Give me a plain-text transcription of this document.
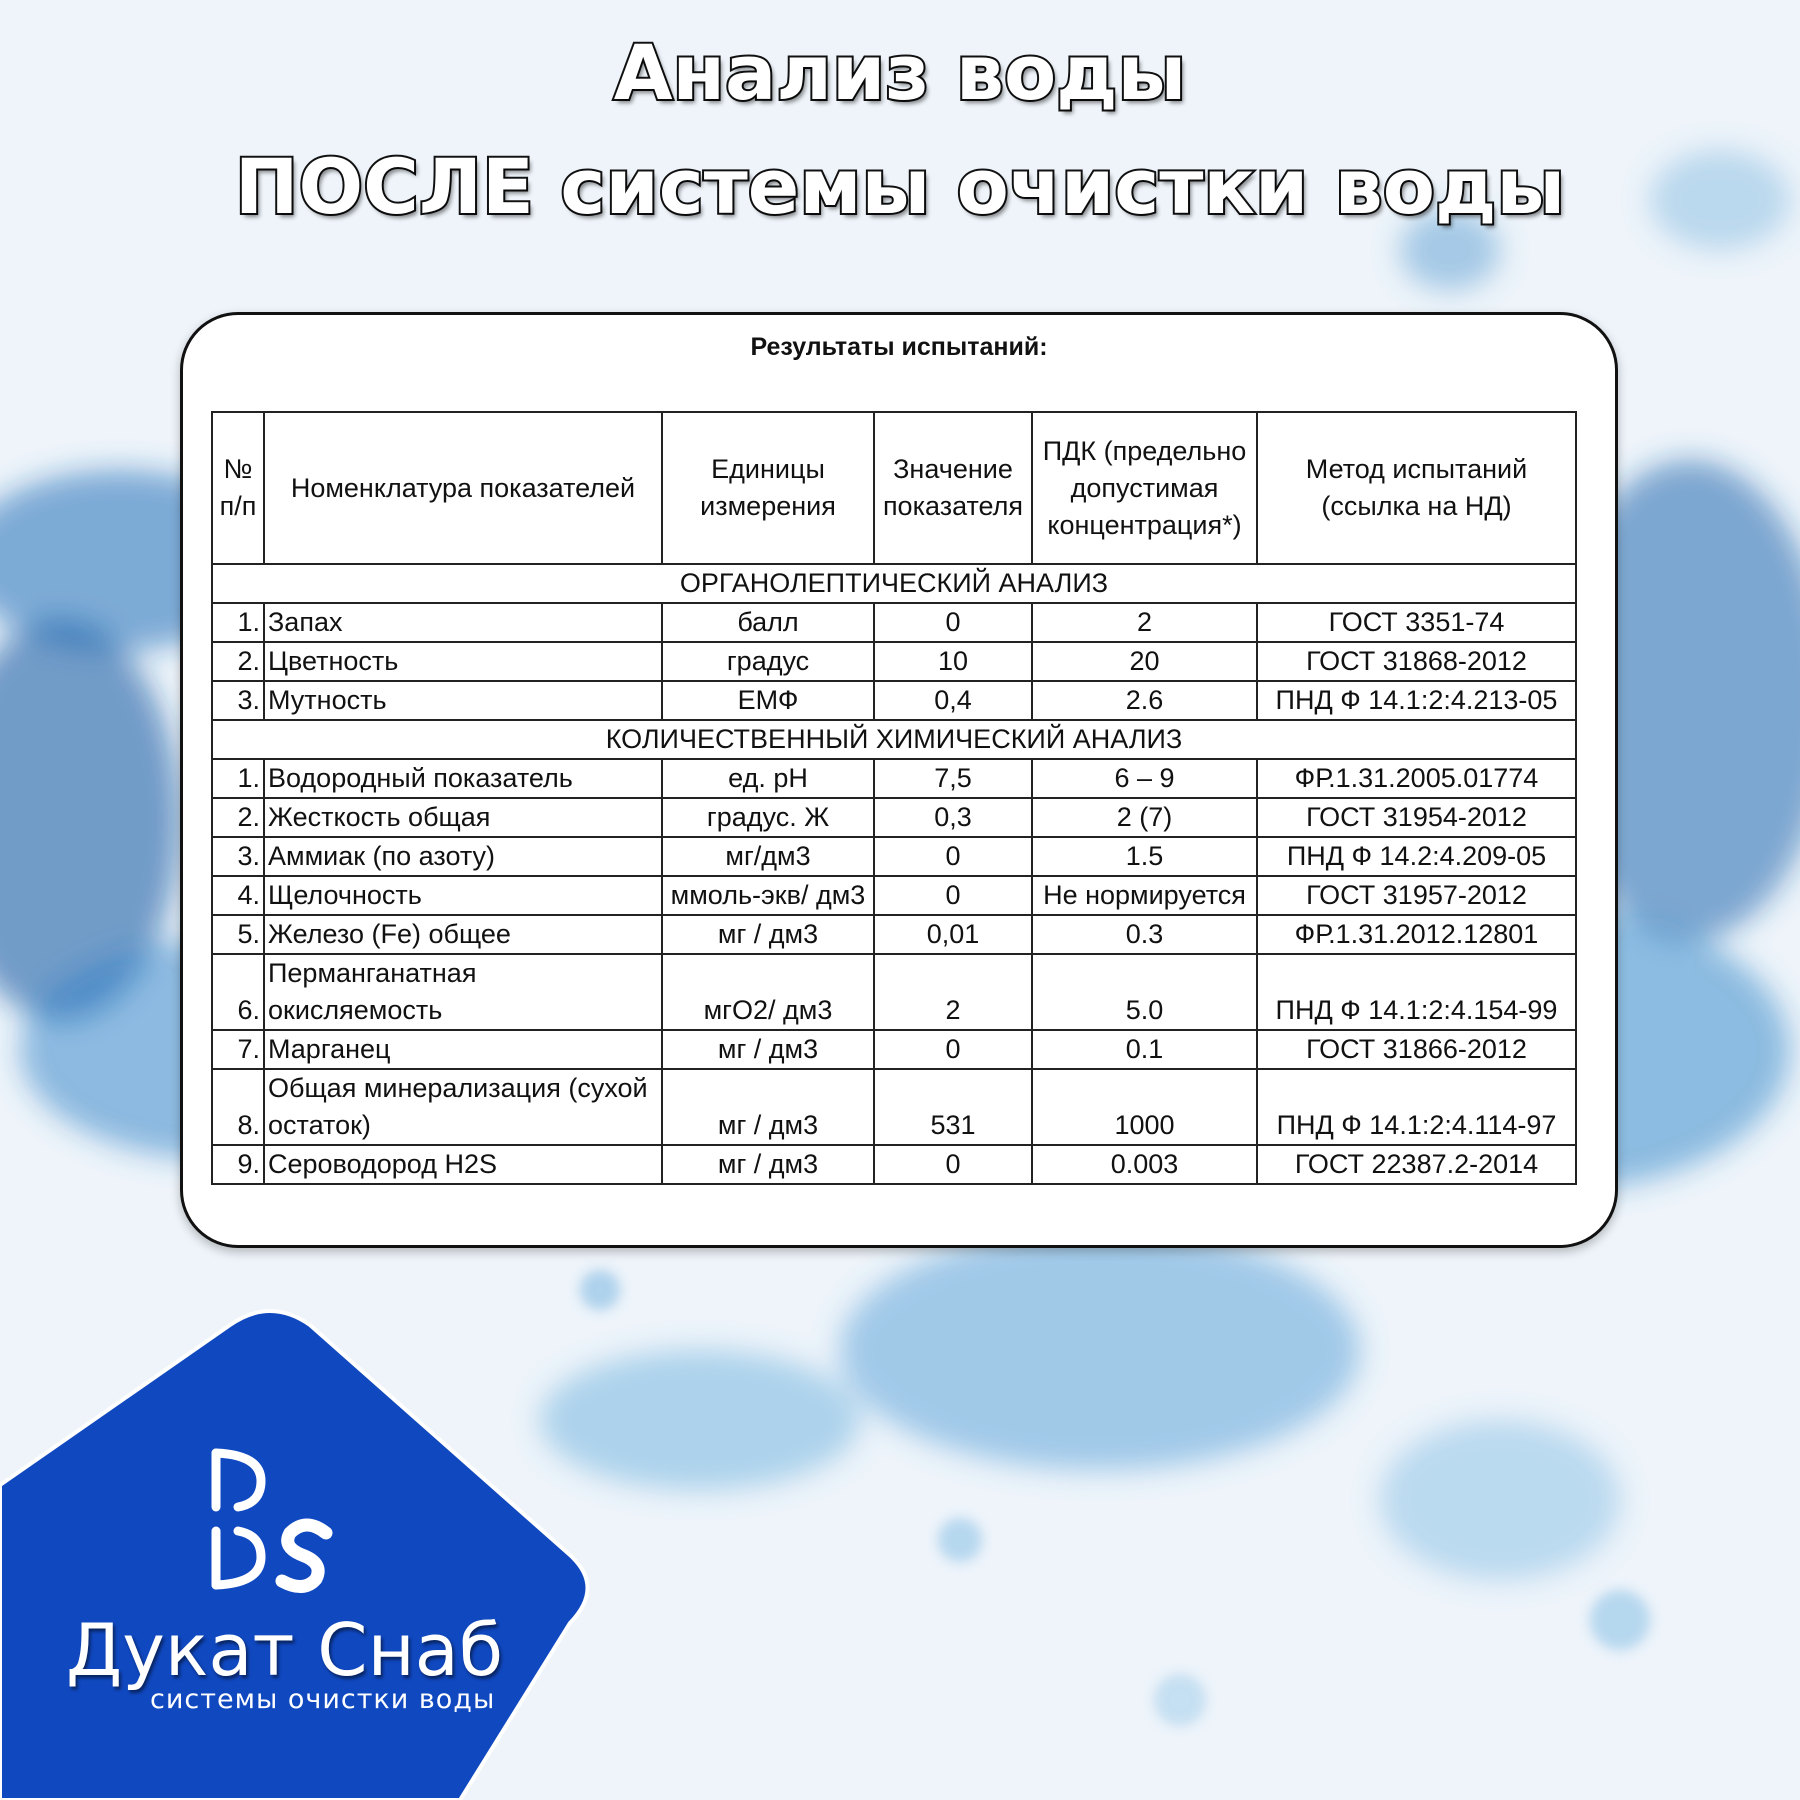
Анализ воды
ПОСЛЕ системы очистки воды
Результаты испытаний:
№ п/п	Номенклатура показателей	Единицы измерения	Значение показателя	ПДК (предельно допустимая концентрация*)	Метод испытаний (ссылка на НД)
ОРГАНОЛЕПТИЧЕСКИЙ АНАЛИЗ					
1.	Запах	балл	0	2	ГОСТ 3351-74
2.	Цветность	градус	10	20	ГОСТ 31868-2012
3.	Мутность	ЕМФ	0,4	2.6	ПНД Ф 14.1:2:4.213-05
КОЛИЧЕСТВЕННЫЙ ХИМИЧЕСКИЙ АНАЛИЗ					
1.	Водородный показатель	ед. pH	7,5	6 – 9	ФР.1.31.2005.01774
2.	Жесткость общая	градус. Ж	0,3	2 (7)	ГОСТ 31954-2012
3.	Аммиак (по азоту)	мг/дм3	0	1.5	ПНД Ф 14.2:4.209-05
4.	Щелочность	ммоль-экв/ дм3	0	Не нормируется	ГОСТ 31957-2012
5.	Железо (Fe) общее	мг / дм3	0,01	0.3	ФР.1.31.2012.12801
6.	Перманганатная окисляемость	мгО2/ дм3	2	5.0	ПНД Ф 14.1:2:4.154-99
7.	Марганец	мг / дм3	0	0.1	ГОСТ 31866-2012
8.	Общая минерализация (сухой остаток)	мг / дм3	531	1000	ПНД Ф 14.1:2:4.114-97
9.	Сероводород H2S	мг / дм3	0	0.003	ГОСТ 22387.2-2014
Дукат Снаб
системы очистки воды
